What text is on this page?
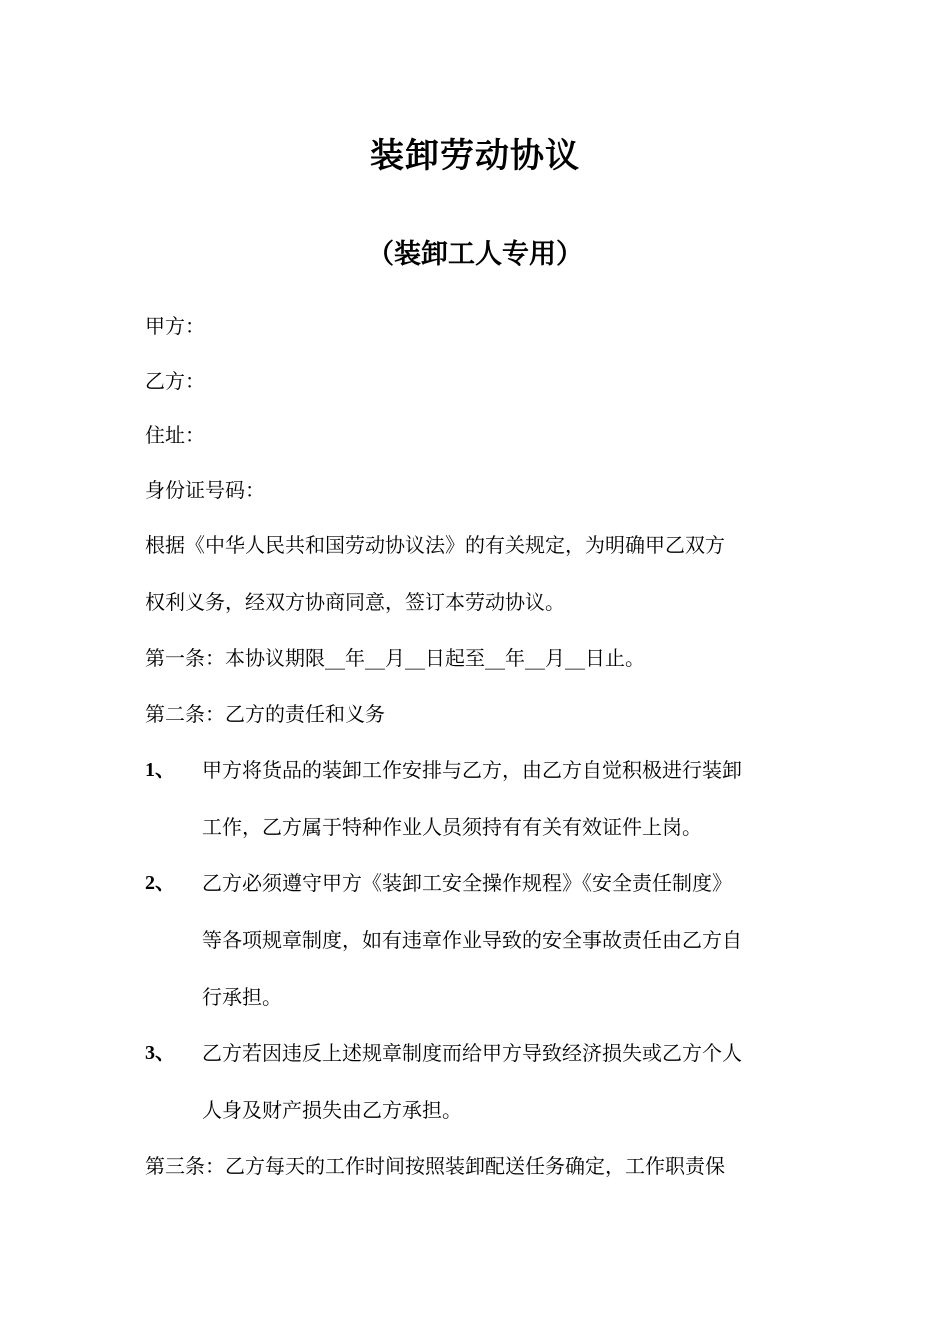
装卸劳动协议
（装卸工人专用）
甲方：
乙方：
住址：
身份证号码：
根据《中华人民共和国劳动协议法》的有关规定，为明确甲乙双方
权利义务，经双方协商同意，签订本劳动协议。
第一条：本协议期限__年__月__日起至__年__月__日止。
第二条：乙方的责任和义务
1、 甲方将货品的装卸工作安排与乙方，由乙方自觉积极进行装卸
工作，乙方属于特种作业人员须持有有关有效证件上岗。
2、 乙方必须遵守甲方《装卸工安全操作规程》《安全责任制度》
等各项规章制度，如有违章作业导致的安全事故责任由乙方自
行承担。
3、 乙方若因违反上述规章制度而给甲方导致经济损失或乙方个人
人身及财产损失由乙方承担。
第三条：乙方每天的工作时间按照装卸配送任务确定，工作职责保
